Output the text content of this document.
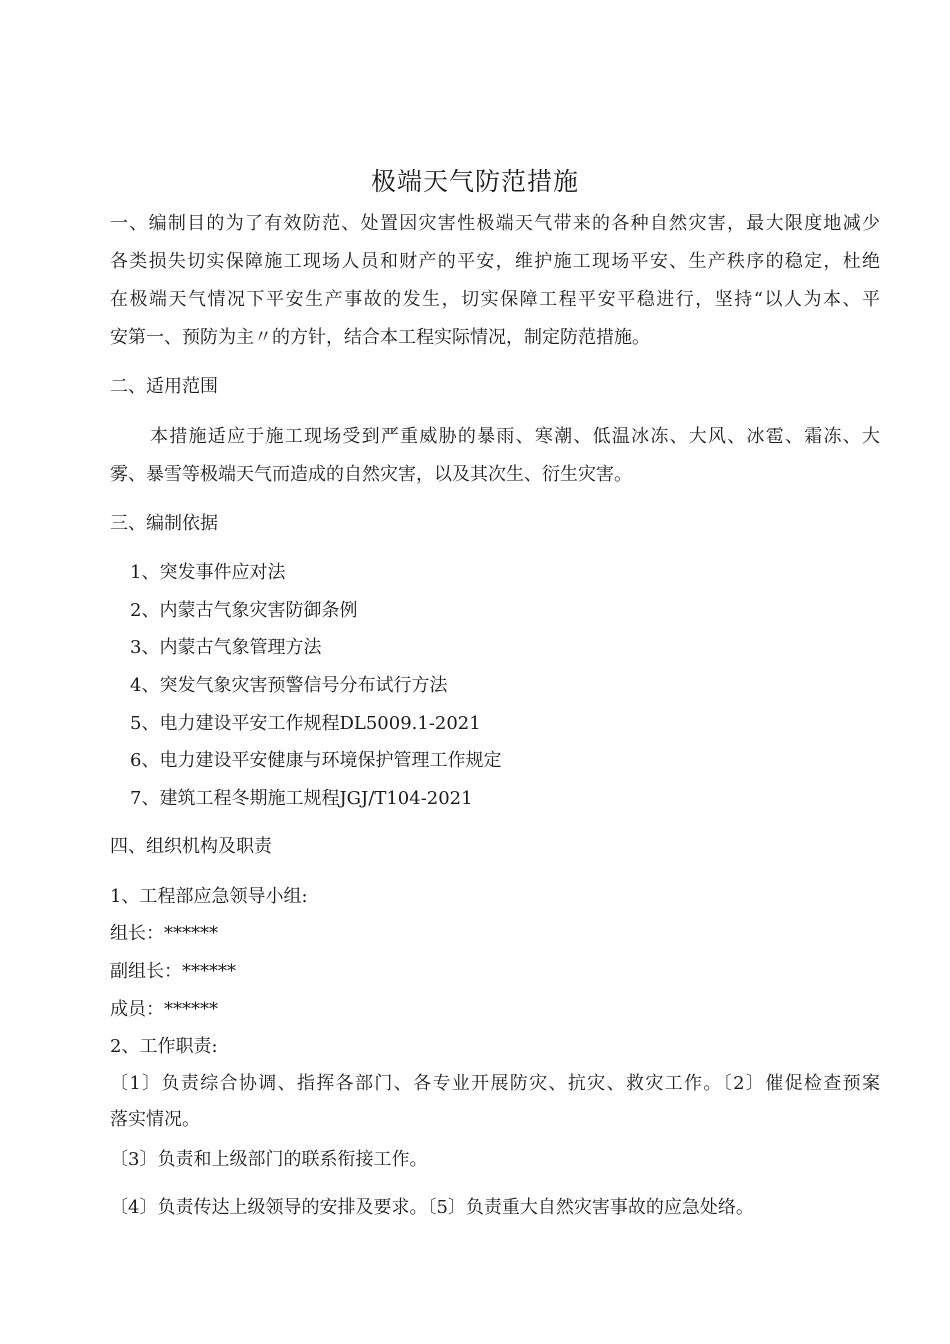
极端天气防范措施
一、编制目的为了有效防范、处置因灾害性极端天气带来的各种自然灾害，最大限度地减少
各类损失切实保障施工现场人员和财产的平安，维护施工现场平安、生产秩序的稳定，杜绝
在极端天气情况下平安生产事故的发生，切实保障工程平安平稳进行，坚持“以人为本、平
安第一、预防为主〃的方针，结合本工程实际情况，制定防范措施。
二、适用范围
本措施适应于施工现场受到严重威胁的暴雨、寒潮、低温冰冻、大风、冰雹、霜冻、大
雾、暴雪等极端天气而造成的自然灾害，以及其次生、衍生灾害。
三、编制依据
1、突发事件应对法
2、内蒙古气象灾害防御条例
3、内蒙古气象管理方法
4、突发气象灾害预警信号分布试行方法
5、电力建设平安工作规程DL5009.1-2021
6、电力建设平安健康与环境保护管理工作规定
7、建筑工程冬期施工规程JGJ/T104-2021
四、组织机构及职责
1、工程部应急领导小组:
组长：******
副组长：******
成员：******
2、工作职责:
〔1〕负责综合协调、指挥各部门、各专业开展防灾、抗灾、救灾工作。〔2〕催促检查预案
落实情况。
〔3〕负责和上级部门的联系衔接工作。
〔4〕负责传达上级领导的安排及要求。〔5〕负责重大自然灾害事故的应急处络。
